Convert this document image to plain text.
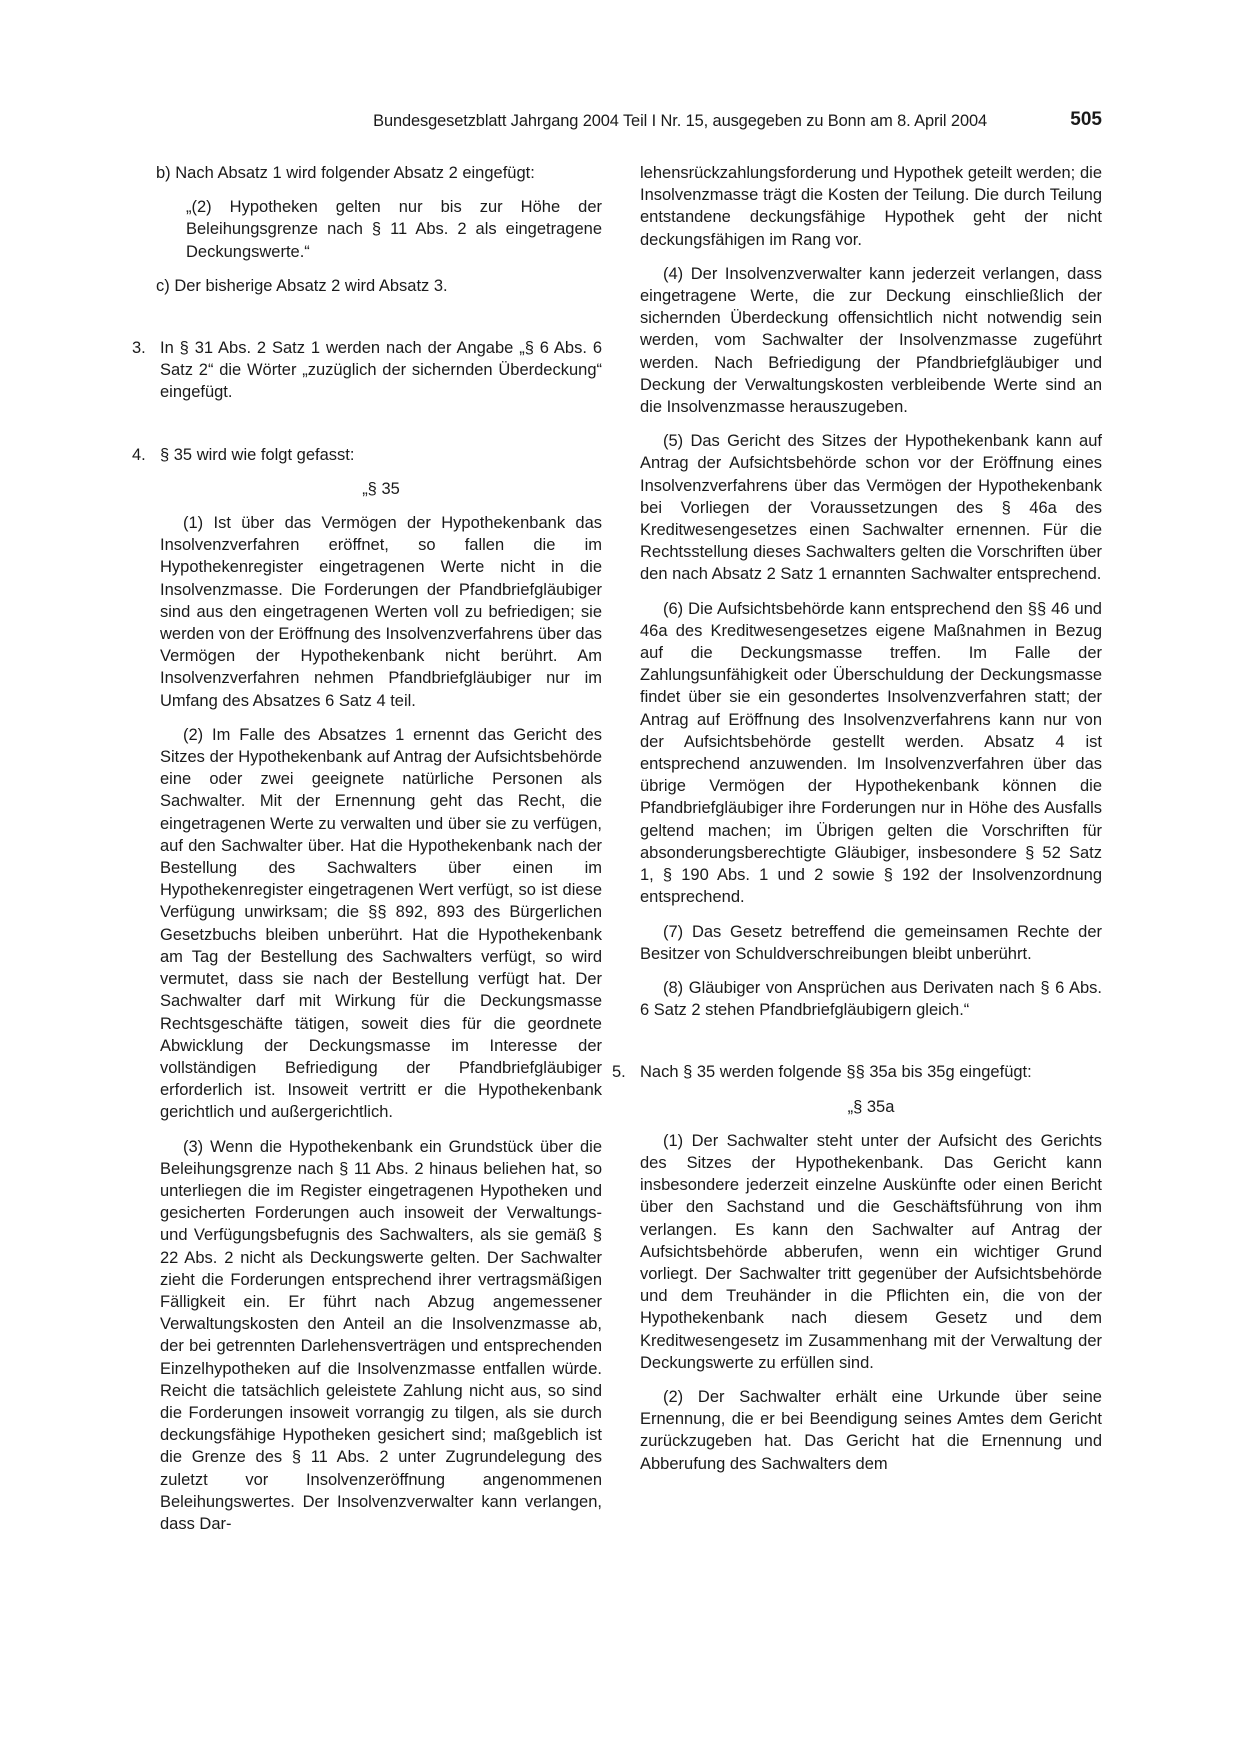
Bundesgesetzblatt Jahrgang 2004 Teil I Nr. 15, ausgegeben zu Bonn am 8. April 2004	505

b) Nach Absatz 1 wird folgender Absatz 2 eingefügt:

„(2) Hypotheken gelten nur bis zur Höhe der Beleihungsgrenze nach § 11 Abs. 2 als eingetragene Deckungswerte.“

c) Der bisherige Absatz 2 wird Absatz 3.

3. In § 31 Abs. 2 Satz 1 werden nach der Angabe „§ 6 Abs. 6 Satz 2“ die Wörter „zuzüglich der sichernden Überdeckung“ eingefügt.

4. § 35 wird wie folgt gefasst:

„§ 35

(1) Ist über das Vermögen der Hypothekenbank das Insolvenzverfahren eröffnet, so fallen die im Hypothekenregister eingetragenen Werte nicht in die Insolvenzmasse. Die Forderungen der Pfandbriefgläubiger sind aus den eingetragenen Werten voll zu befriedigen; sie werden von der Eröffnung des Insolvenzverfahrens über das Vermögen der Hypothekenbank nicht berührt. Am Insolvenzverfahren nehmen Pfandbriefgläubiger nur im Umfang des Absatzes 6 Satz 4 teil.

(2) Im Falle des Absatzes 1 ernennt das Gericht des Sitzes der Hypothekenbank auf Antrag der Aufsichtsbehörde eine oder zwei geeignete natürliche Personen als Sachwalter. Mit der Ernennung geht das Recht, die eingetragenen Werte zu verwalten und über sie zu verfügen, auf den Sachwalter über. Hat die Hypothekenbank nach der Bestellung des Sachwalters über einen im Hypothekenregister eingetragenen Wert verfügt, so ist diese Verfügung unwirksam; die §§ 892, 893 des Bürgerlichen Gesetzbuchs bleiben unberührt. Hat die Hypothekenbank am Tag der Bestellung des Sachwalters verfügt, so wird vermutet, dass sie nach der Bestellung verfügt hat. Der Sachwalter darf mit Wirkung für die Deckungsmasse Rechtsgeschäfte tätigen, soweit dies für die geordnete Abwicklung der Deckungsmasse im Interesse der vollständigen Befriedigung der Pfandbriefgläubiger erforderlich ist. Insoweit vertritt er die Hypothekenbank gerichtlich und außergerichtlich.

(3) Wenn die Hypothekenbank ein Grundstück über die Beleihungsgrenze nach § 11 Abs. 2 hinaus beliehen hat, so unterliegen die im Register eingetragenen Hypotheken und gesicherten Forderungen auch insoweit der Verwaltungs- und Verfügungsbefugnis des Sachwalters, als sie gemäß § 22 Abs. 2 nicht als Deckungswerte gelten. Der Sachwalter zieht die Forderungen entsprechend ihrer vertragsmäßigen Fälligkeit ein. Er führt nach Abzug angemessener Verwaltungskosten den Anteil an die Insolvenzmasse ab, der bei getrennten Darlehensverträgen und entsprechenden Einzelhypotheken auf die Insolvenzmasse entfallen würde. Reicht die tatsächlich geleistete Zahlung nicht aus, so sind die Forderungen insoweit vorrangig zu tilgen, als sie durch deckungsfähige Hypotheken gesichert sind; maßgeblich ist die Grenze des § 11 Abs. 2 unter Zugrundelegung des zuletzt vor Insolvenzeröffnung angenommenen Beleihungswertes. Der Insolvenzverwalter kann verlangen, dass Dar-

lehensrückzahlungsforderung und Hypothek geteilt werden; die Insolvenzmasse trägt die Kosten der Teilung. Die durch Teilung entstandene deckungsfähige Hypothek geht der nicht deckungsfähigen im Rang vor.

(4) Der Insolvenzverwalter kann jederzeit verlangen, dass eingetragene Werte, die zur Deckung einschließlich der sichernden Überdeckung offensichtlich nicht notwendig sein werden, vom Sachwalter der Insolvenzmasse zugeführt werden. Nach Befriedigung der Pfandbriefgläubiger und Deckung der Verwaltungskosten verbleibende Werte sind an die Insolvenzmasse herauszugeben.

(5) Das Gericht des Sitzes der Hypothekenbank kann auf Antrag der Aufsichtsbehörde schon vor der Eröffnung eines Insolvenzverfahrens über das Vermögen der Hypothekenbank bei Vorliegen der Voraussetzungen des § 46a des Kreditwesengesetzes einen Sachwalter ernennen. Für die Rechtsstellung dieses Sachwalters gelten die Vorschriften über den nach Absatz 2 Satz 1 ernannten Sachwalter entsprechend.

(6) Die Aufsichtsbehörde kann entsprechend den §§ 46 und 46a des Kreditwesengesetzes eigene Maßnahmen in Bezug auf die Deckungsmasse treffen. Im Falle der Zahlungsunfähigkeit oder Überschuldung der Deckungsmasse findet über sie ein gesondertes Insolvenzverfahren statt; der Antrag auf Eröffnung des Insolvenzverfahrens kann nur von der Aufsichtsbehörde gestellt werden. Absatz 4 ist entsprechend anzuwenden. Im Insolvenzverfahren über das übrige Vermögen der Hypothekenbank können die Pfandbriefgläubiger ihre Forderungen nur in Höhe des Ausfalls geltend machen; im Übrigen gelten die Vorschriften für absonderungsberechtigte Gläubiger, insbesondere § 52 Satz 1, § 190 Abs. 1 und 2 sowie § 192 der Insolvenzordnung entsprechend.

(7) Das Gesetz betreffend die gemeinsamen Rechte der Besitzer von Schuldverschreibungen bleibt unberührt.

(8) Gläubiger von Ansprüchen aus Derivaten nach § 6 Abs. 6 Satz 2 stehen Pfandbriefgläubigern gleich.“

5. Nach § 35 werden folgende §§ 35a bis 35g eingefügt:

„§ 35a

(1) Der Sachwalter steht unter der Aufsicht des Gerichts des Sitzes der Hypothekenbank. Das Gericht kann insbesondere jederzeit einzelne Auskünfte oder einen Bericht über den Sachstand und die Geschäftsführung von ihm verlangen. Es kann den Sachwalter auf Antrag der Aufsichtsbehörde abberufen, wenn ein wichtiger Grund vorliegt. Der Sachwalter tritt gegenüber der Aufsichtsbehörde und dem Treuhänder in die Pflichten ein, die von der Hypothekenbank nach diesem Gesetz und dem Kreditwesengesetz im Zusammenhang mit der Verwaltung der Deckungswerte zu erfüllen sind.

(2) Der Sachwalter erhält eine Urkunde über seine Ernennung, die er bei Beendigung seines Amtes dem Gericht zurückzugeben hat. Das Gericht hat die Ernennung und Abberufung des Sachwalters dem
